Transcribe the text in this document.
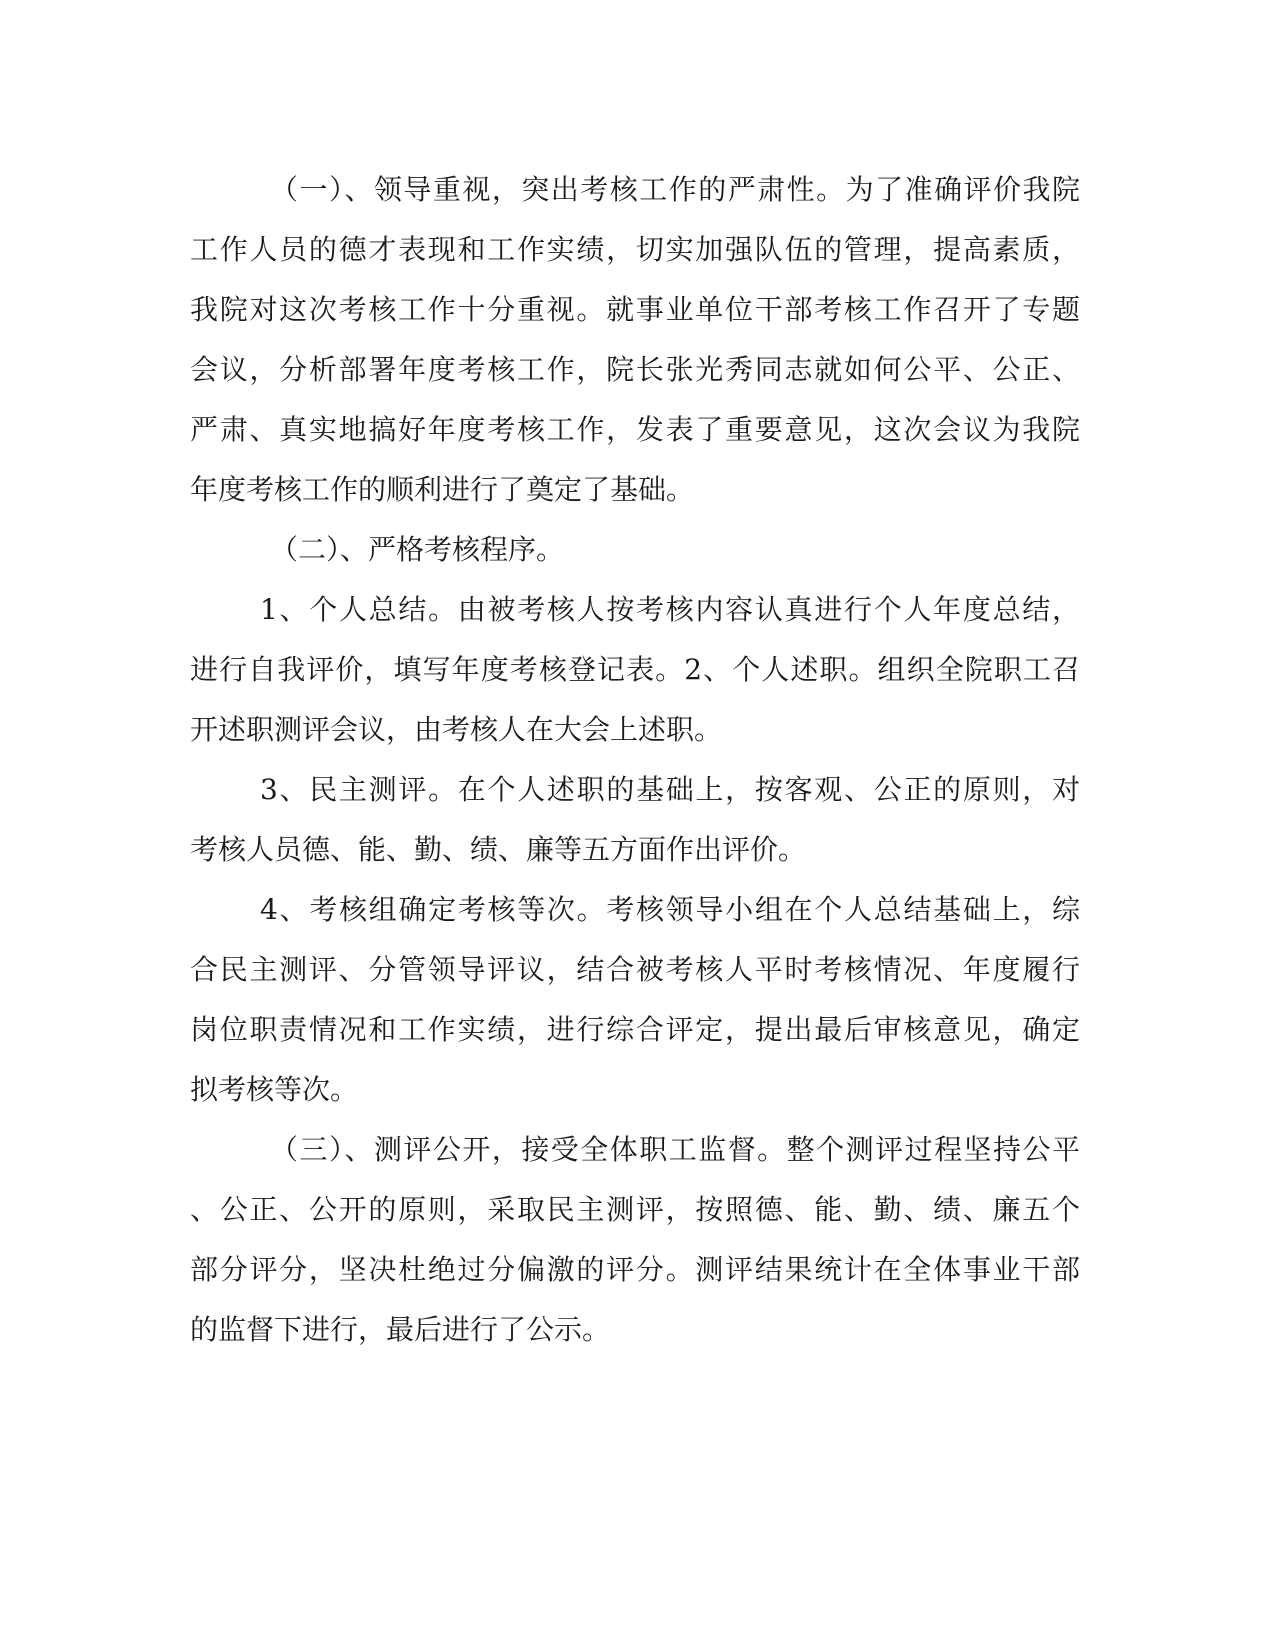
（一）、领导重视，突出考核工作的严肃性。为了准确评价我院

工作人员的德才表现和工作实绩，切实加强队伍的管理，提高素质，

我院对这次考核工作十分重视。就事业单位干部考核工作召开了专题

会议，分析部署年度考核工作，院长张光秀同志就如何公平、公正、

严肃、真实地搞好年度考核工作，发表了重要意见，这次会议为我院

年度考核工作的顺利进行了奠定了基础。

（二）、严格考核程序。

1、个人总结。由被考核人按考核内容认真进行个人年度总结，

进行自我评价，填写年度考核登记表。2、个人述职。组织全院职工召

开述职测评会议，由考核人在大会上述职。

3、民主测评。在个人述职的基础上，按客观、公正的原则，对

考核人员德、能、勤、绩、廉等五方面作出评价。

4、考核组确定考核等次。考核领导小组在个人总结基础上，综

合民主测评、分管领导评议，结合被考核人平时考核情况、年度履行

岗位职责情况和工作实绩，进行综合评定，提出最后审核意见，确定

拟考核等次。

（三）、测评公开，接受全体职工监督。整个测评过程坚持公平

、公正、公开的原则，采取民主测评，按照德、能、勤、绩、廉五个

部分评分，坚决杜绝过分偏激的评分。测评结果统计在全体事业干部

的监督下进行，最后进行了公示。
